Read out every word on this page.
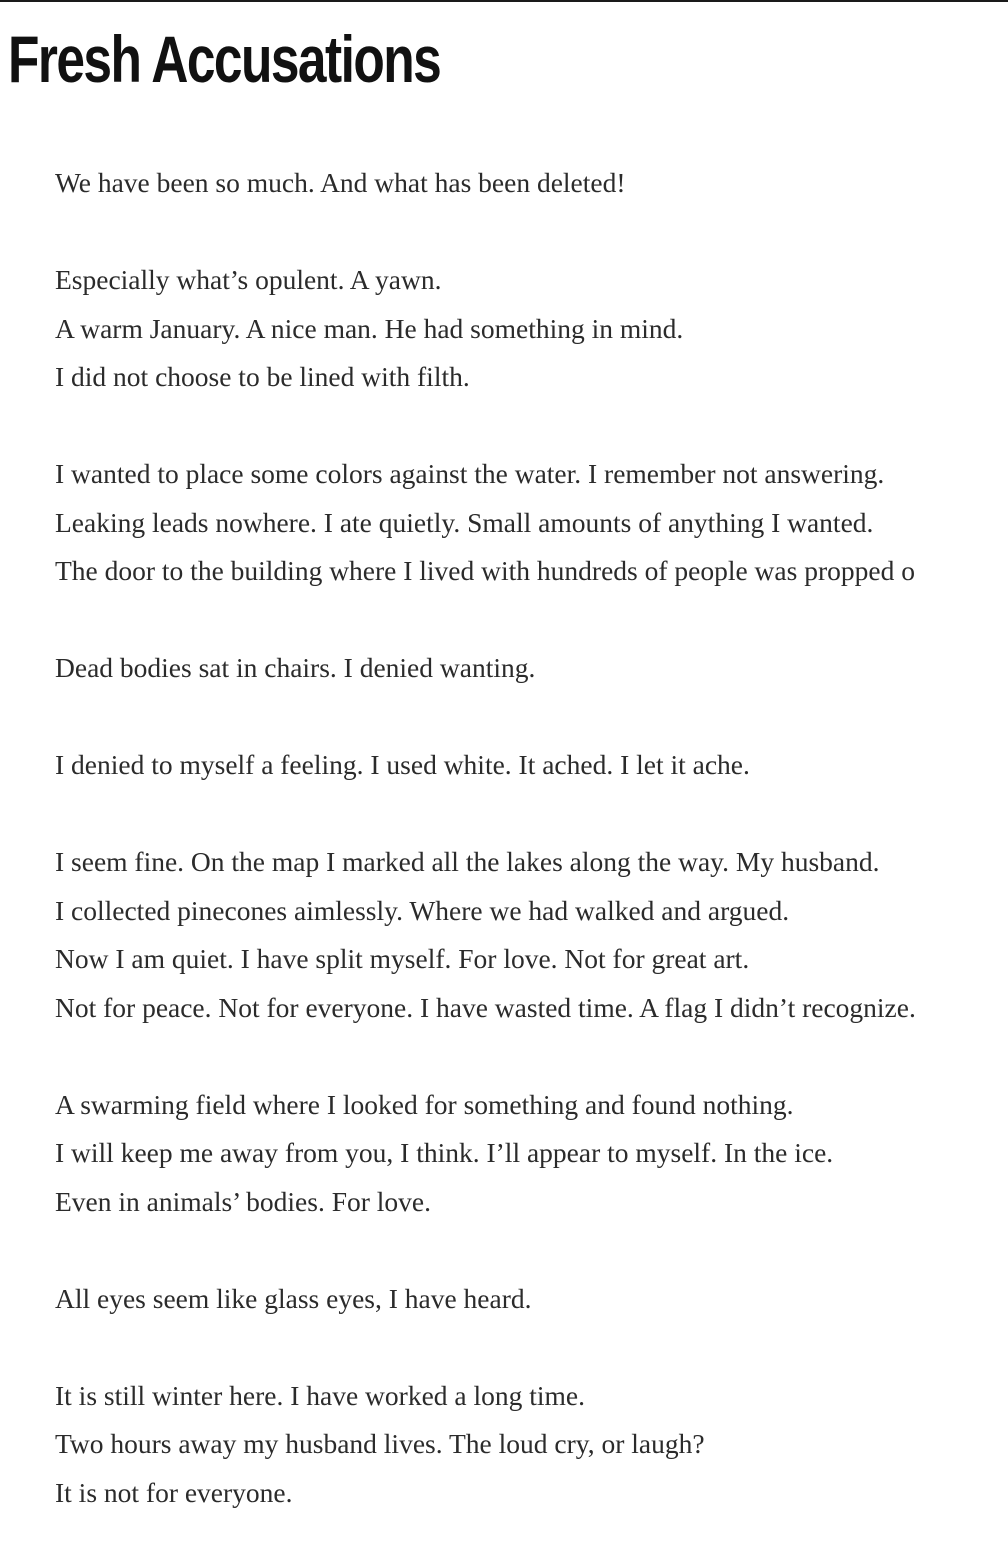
Fresh Accusations
We have been so much. And what has been deleted!
Especially what’s opulent. A yawn.
A warm January. A nice man. He had something in mind.
I did not choose to be lined with filth.
I wanted to place some colors against the water. I remember not answering.
Leaking leads nowhere. I ate quietly. Small amounts of anything I wanted.
The door to the building where I lived with hundreds of people was propped o
Dead bodies sat in chairs. I denied wanting.
I denied to myself a feeling. I used white. It ached. I let it ache.
I seem fine. On the map I marked all the lakes along the way. My husband.
I collected pinecones aimlessly. Where we had walked and argued.
Now I am quiet. I have split myself. For love. Not for great art.
Not for peace. Not for everyone. I have wasted time. A flag I didn’t recognize.
A swarming field where I looked for something and found nothing.
I will keep me away from you, I think. I’ll appear to myself. In the ice.
Even in animals’ bodies. For love.
All eyes seem like glass eyes, I have heard.
It is still winter here. I have worked a long time.
Two hours away my husband lives. The loud cry, or laugh?
It is not for everyone.
